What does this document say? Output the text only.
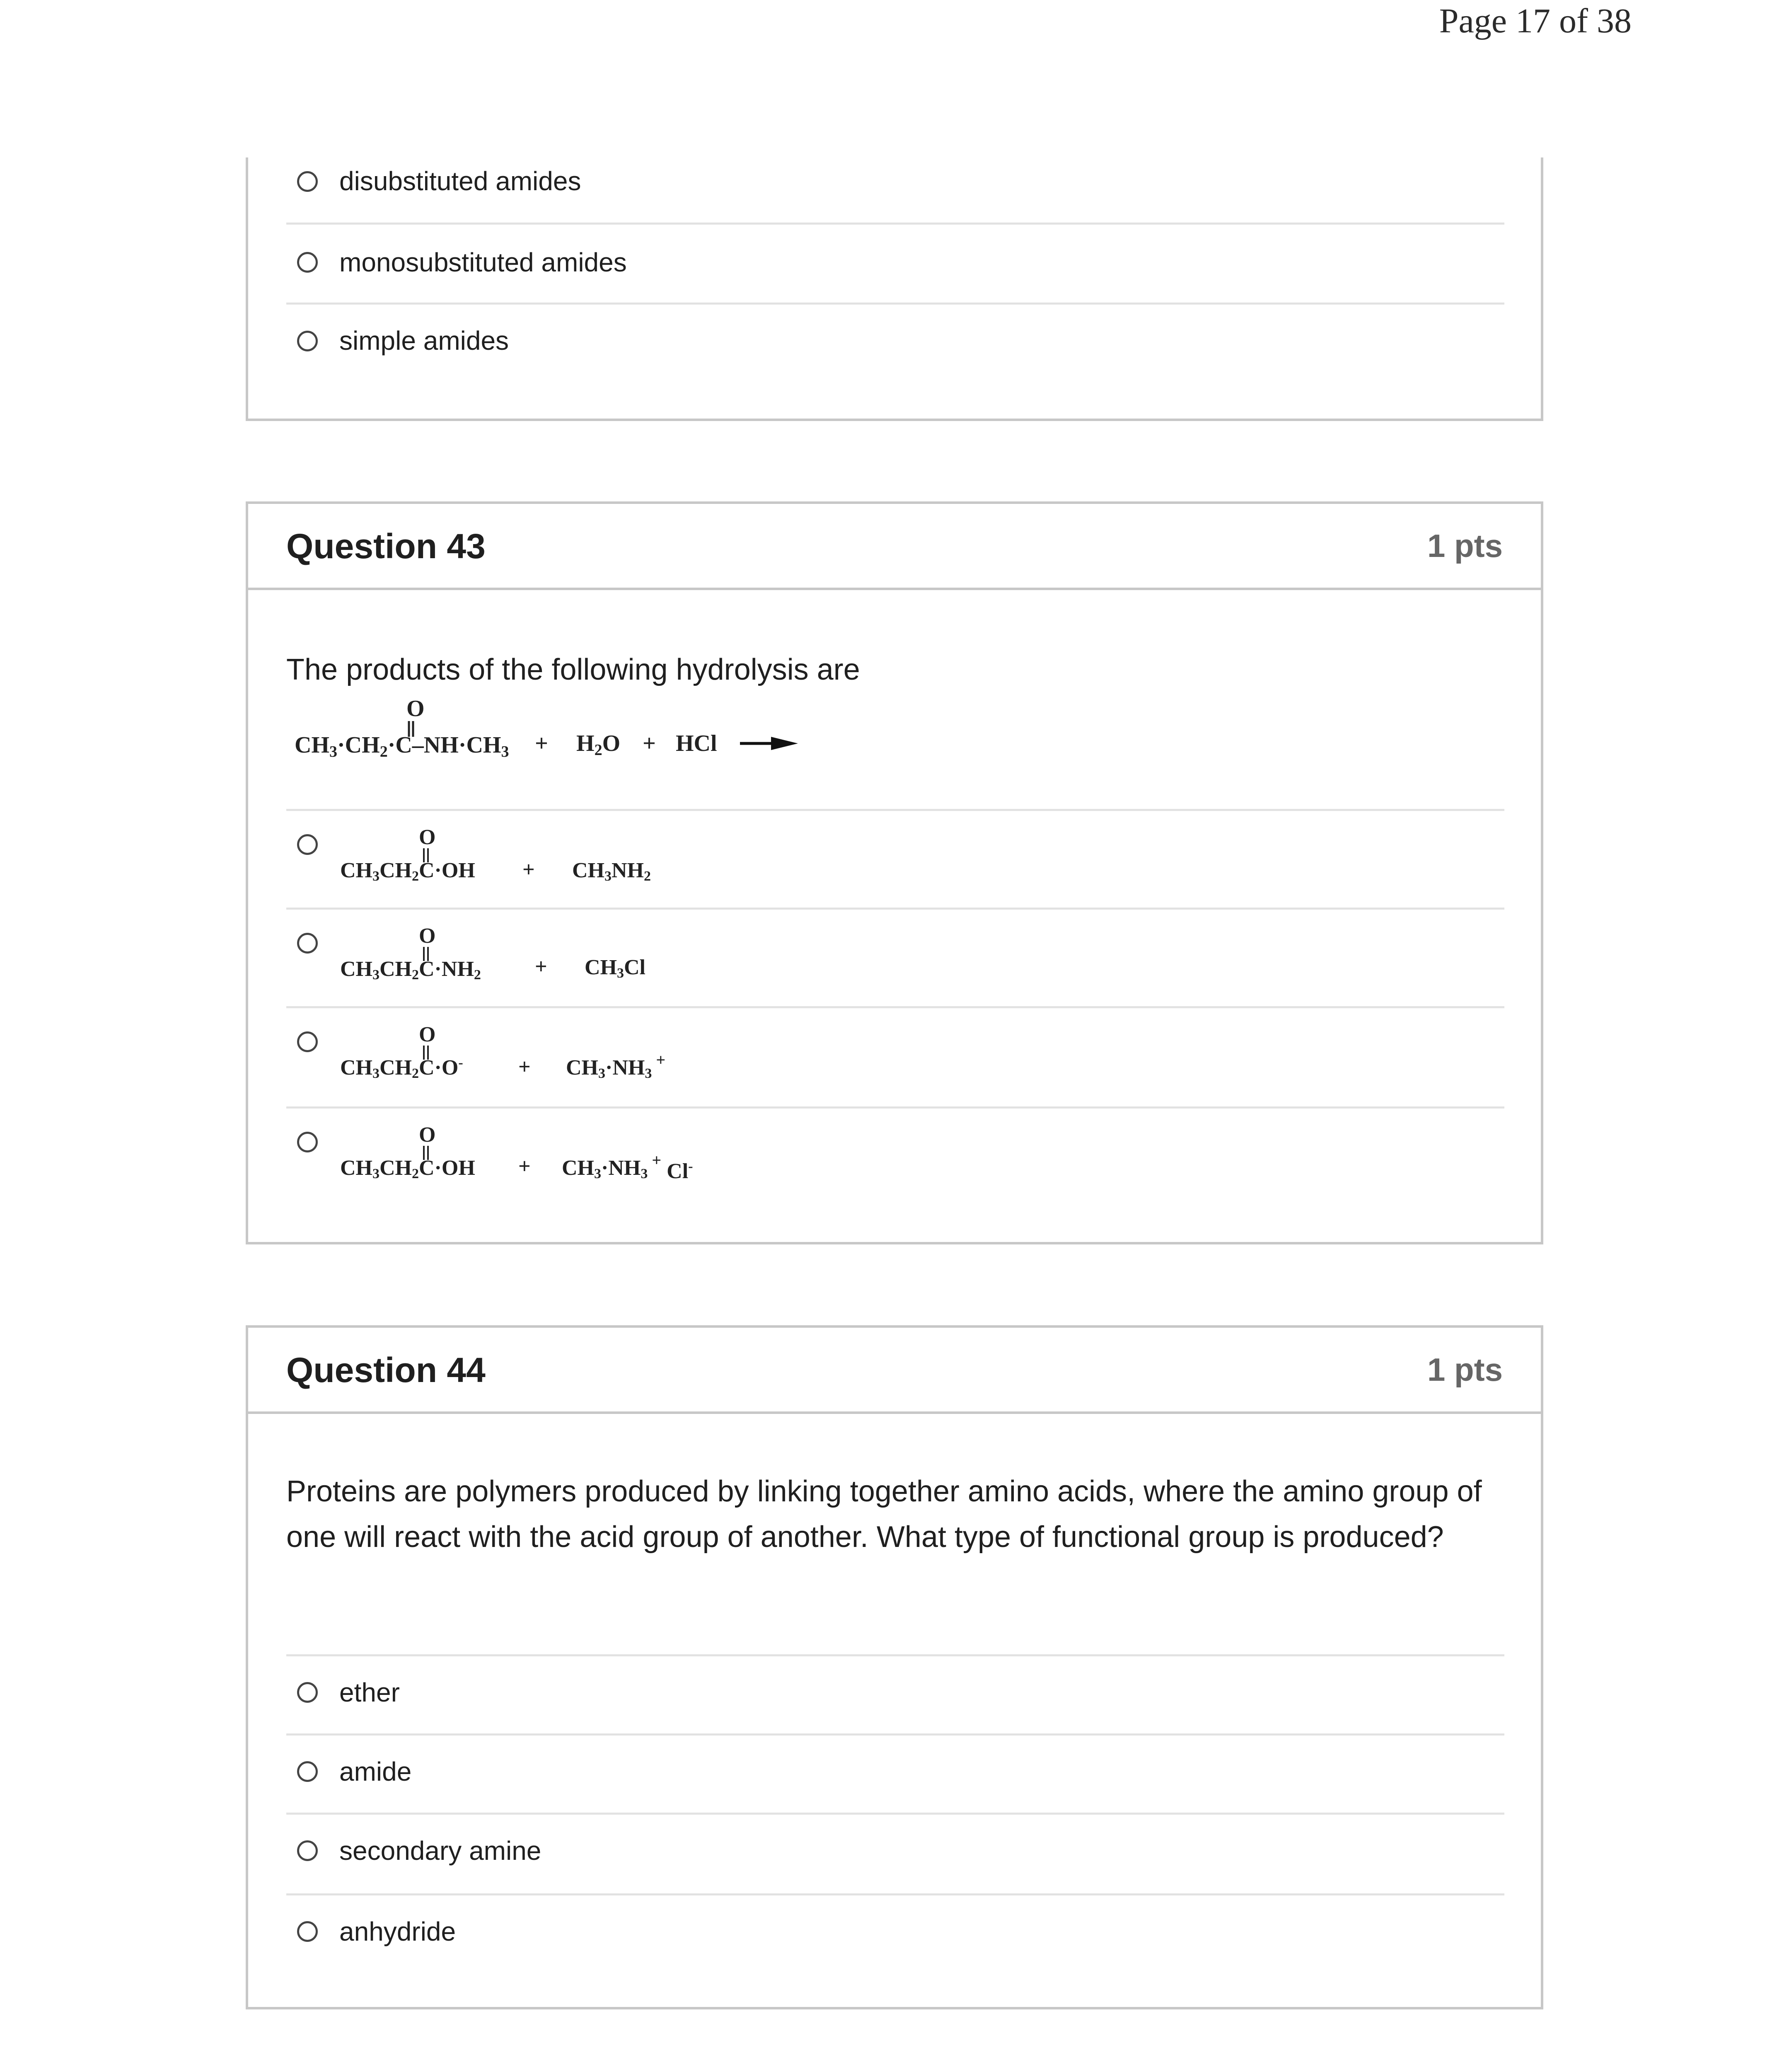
Page 17 of 38
disubstituted amides
monosubstituted amides
simple amides
Question 43	1 pts
The products of the following hydrolysis are
O
CH3·CH2·C–NH·CH3 + H2O + HCl
O
CH3CH2C·OH + CH3NH2
O
CH3CH2C·NH2	+ CH3Cl
O
CH3CH2C·O-	+ CH3·NH3 +
O
CH3CH2C·OH + CH3·NH3 + Cl-
Question 44	1 pts
Proteins are polymers produced by linking together amino acids, where the amino group of one will react with the acid group of another. What type of functional group is produced?
ether
amide
secondary amine
anhydride
